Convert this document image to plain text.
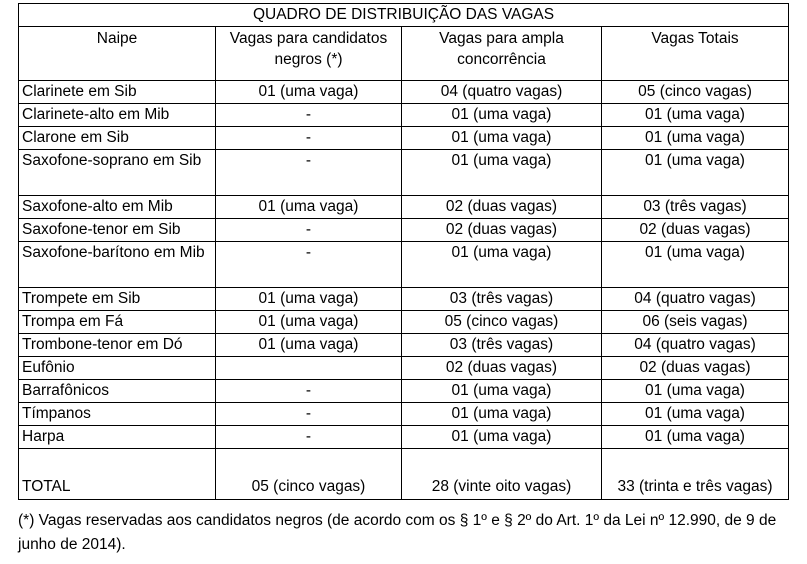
QUADRO DE DISTRIBUIÇÃO DAS VAGAS			
Naipe	Vagas para candidatos negros (*)	Vagas para ampla concorrência	Vagas Totais
Clarinete em Sib	01 (uma vaga)	04 (quatro vagas)	05 (cinco vagas)
Clarinete-alto em Mib	-	01 (uma vaga)	01 (uma vaga)
Clarone em Sib	-	01 (uma vaga)	01 (uma vaga)
Saxofone-soprano em Sib	-	01 (uma vaga)	01 (uma vaga)
Saxofone-alto em Mib	01 (uma vaga)	02 (duas vagas)	03 (três vagas)
Saxofone-tenor em Sib	-	02 (duas vagas)	02 (duas vagas)
Saxofone-barítono em Mib	-	01 (uma vaga)	01 (uma vaga)
Trompete em Sib	01 (uma vaga)	03 (três vagas)	04 (quatro vagas)
Trompa em Fá	01 (uma vaga)	05 (cinco vagas)	06 (seis vagas)
Trombone-tenor em Dó	01 (uma vaga)	03 (três vagas)	04 (quatro vagas)
Eufônio		02 (duas vagas)	02 (duas vagas)
Barrafônicos	-	01 (uma vaga)	01 (uma vaga)
Tímpanos	-	01 (uma vaga)	01 (uma vaga)
Harpa	-	01 (uma vaga)	01 (uma vaga)
TOTAL	05 (cinco vagas)	28 (vinte oito vagas)	33 (trinta e três vagas)
(*) Vagas reservadas aos candidatos negros (de acordo com os § 1º e § 2º do Art. 1º da Lei nº 12.990, de 9 de junho de 2014).
